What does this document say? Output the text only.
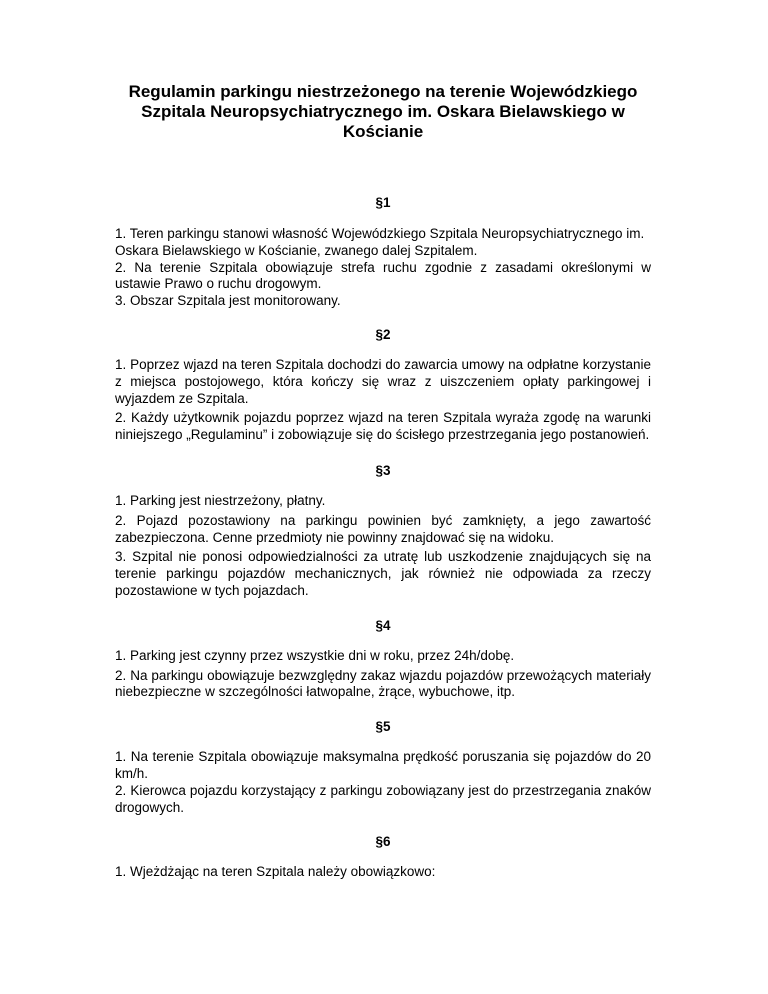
Regulamin parkingu niestrzeżonego na terenie Wojewódzkiego Szpitala Neuropsychiatrycznego im. Oskara Bielawskiego w Kościanie

§1

1. Teren parkingu stanowi własność Wojewódzkiego Szpitala Neuropsychiatrycznego im. Oskara Bielawskiego w Kościanie, zwanego dalej Szpitalem.

2. Na terenie Szpitala obowiązuje strefa ruchu zgodnie z zasadami określonymi w ustawie Prawo o ruchu drogowym.

3. Obszar Szpitala jest monitorowany.

§2

1. Poprzez wjazd na teren Szpitala dochodzi do zawarcia umowy na odpłatne korzystanie z miejsca postojowego, która kończy się wraz z uiszczeniem opłaty parkingowej i wyjazdem ze Szpitala.

2. Każdy użytkownik pojazdu poprzez wjazd na teren Szpitala wyraża zgodę na warunki niniejszego „Regulaminu” i zobowiązuje się do ścisłego przestrzegania jego postanowień.

§3

1. Parking jest niestrzeżony, płatny.

2. Pojazd pozostawiony na parkingu powinien być zamknięty, a jego zawartość zabezpieczona. Cenne przedmioty nie powinny znajdować się na widoku.

3. Szpital nie ponosi odpowiedzialności za utratę lub uszkodzenie znajdujących się na terenie parkingu pojazdów mechanicznych, jak również nie odpowiada za rzeczy pozostawione w tych pojazdach.

§4

1. Parking jest czynny przez wszystkie dni w roku, przez 24h/dobę.

2. Na parkingu obowiązuje bezwzględny zakaz wjazdu pojazdów przewożących materiały niebezpieczne w szczególności łatwopalne, żrące, wybuchowe, itp.

§5

1. Na terenie Szpitala obowiązuje maksymalna prędkość poruszania się pojazdów do 20 km/h.

2. Kierowca pojazdu korzystający z parkingu zobowiązany jest do przestrzegania znaków drogowych.

§6

1. Wjeżdżając na teren Szpitala należy obowiązkowo:
